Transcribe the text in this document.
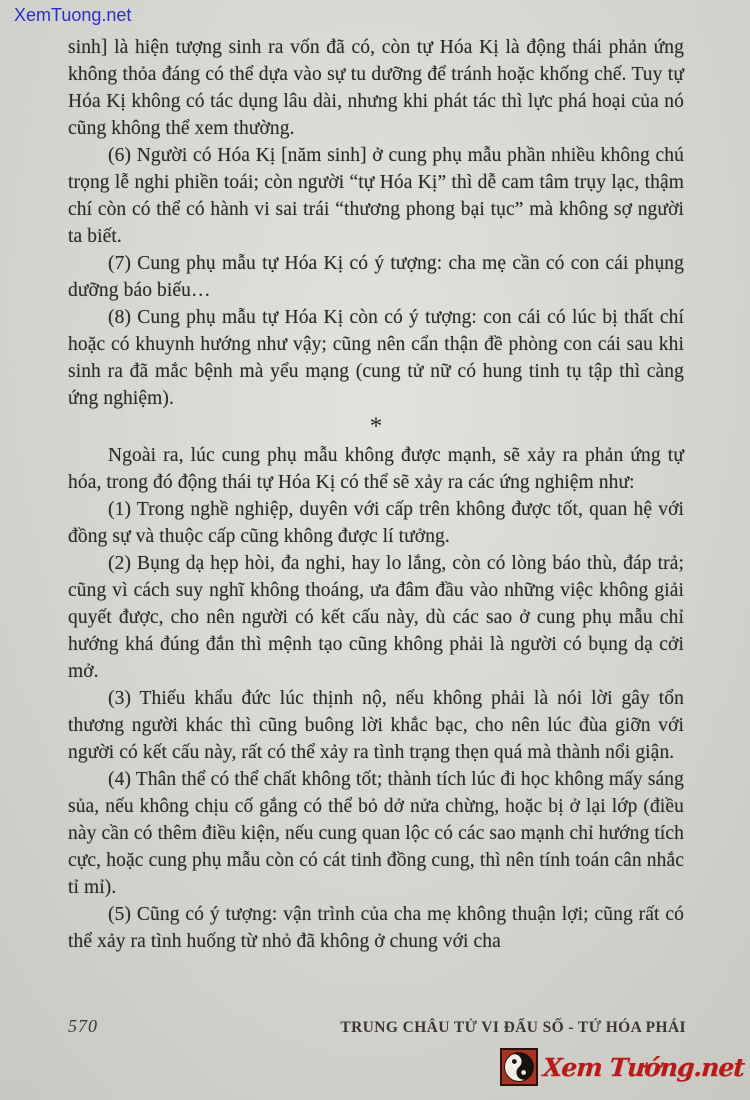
XemTuong.net

sinh] là hiện tượng sinh ra vốn đã có, còn tự Hóa Kị là động thái phản ứng không thỏa đáng có thể dựa vào sự tu dưỡng để tránh hoặc khống chế. Tuy tự Hóa Kị không có tác dụng lâu dài, nhưng khi phát tác thì lực phá hoại của nó cũng không thể xem thường.

(6) Người có Hóa Kị [năm sinh] ở cung phụ mẫu phần nhiều không chú trọng lễ nghi phiền toái; còn người “tự Hóa Kị” thì dễ cam tâm trụy lạc, thậm chí còn có thể có hành vi sai trái “thương phong bại tục” mà không sợ người ta biết.

(7) Cung phụ mẫu tự Hóa Kị có ý tượng: cha mẹ cần có con cái phụng dưỡng báo biếu…

(8) Cung phụ mẫu tự Hóa Kị còn có ý tượng: con cái có lúc bị thất chí hoặc có khuynh hướng như vậy; cũng nên cẩn thận đề phòng con cái sau khi sinh ra đã mắc bệnh mà yểu mạng (cung tử nữ có hung tinh tụ tập thì càng ứng nghiệm).

*

Ngoài ra, lúc cung phụ mẫu không được mạnh, sẽ xảy ra phản ứng tự hóa, trong đó động thái tự Hóa Kị có thể sẽ xảy ra các ứng nghiệm như:

(1) Trong nghề nghiệp, duyên với cấp trên không được tốt, quan hệ với đồng sự và thuộc cấp cũng không được lí tưởng.

(2) Bụng dạ hẹp hòi, đa nghi, hay lo lắng, còn có lòng báo thù, đáp trả; cũng vì cách suy nghĩ không thoáng, ưa đâm đầu vào những việc không giải quyết được, cho nên người có kết cấu này, dù các sao ở cung phụ mẫu chỉ hướng khá đúng đắn thì mệnh tạo cũng không phải là người có bụng dạ cởi mở.

(3) Thiếu khẩu đức lúc thịnh nộ, nếu không phải là nói lời gây tổn thương người khác thì cũng buông lời khắc bạc, cho nên lúc đùa giỡn với người có kết cấu này, rất có thể xảy ra tình trạng thẹn quá mà thành nổi giận.

(4) Thân thể có thể chất không tốt; thành tích lúc đi học không mấy sáng sủa, nếu không chịu cố gắng có thể bỏ dở nửa chừng, hoặc bị ở lại lớp (điều này cần có thêm điều kiện, nếu cung quan lộc có các sao mạnh chỉ hướng tích cực, hoặc cung phụ mẫu còn có cát tinh đồng cung, thì nên tính toán cân nhắc tỉ mỉ).

(5) Cũng có ý tượng: vận trình của cha mẹ không thuận lợi; cũng rất có thể xảy ra tình huống từ nhỏ đã không ở chung với cha

570	TRUNG CHÂU TỬ VI ĐẨU SỐ - TỨ HÓA PHÁI
Xem Tướng.net
